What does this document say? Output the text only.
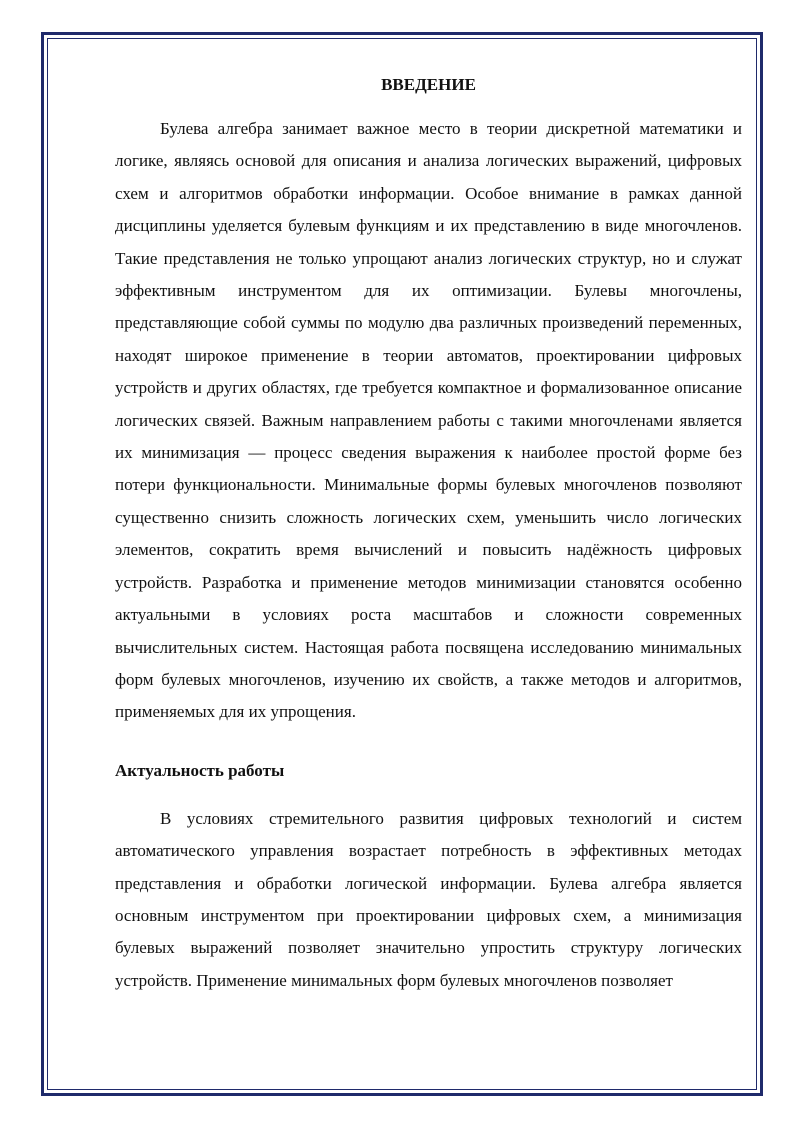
ВВЕДЕНИЕ

Булева алгебра занимает важное место в теории дискретной математики и логике, являясь основой для описания и анализа логических выражений, цифровых схем и алгоритмов обработки информации. Особое внимание в рамках данной дисциплины уделяется булевым функциям и их представлению в виде многочленов. Такие представления не только упрощают анализ логических структур, но и служат эффективным инструментом для их оптимизации. Булевы многочлены, представляющие собой суммы по модулю два различных произведений переменных, находят широкое применение в теории автоматов, проектировании цифровых устройств и других областях, где требуется компактное и формализованное описание логических связей. Важным направлением работы с такими многочленами является их минимизация — процесс сведения выражения к наиболее простой форме без потери функциональности. Минимальные формы булевых многочленов позволяют существенно снизить сложность логических схем, уменьшить число логических элементов, сократить время вычислений и повысить надёжность цифровых устройств. Разработка и применение методов минимизации становятся особенно актуальными в условиях роста масштабов и сложности современных вычислительных систем. Настоящая работа посвящена исследованию минимальных форм булевых многочленов, изучению их свойств, а также методов и алгоритмов, применяемых для их упрощения.

Актуальность работы

В условиях стремительного развития цифровых технологий и систем автоматического управления возрастает потребность в эффективных методах представления и обработки логической информации. Булева алгебра является основным инструментом при проектировании цифровых схем, а минимизация булевых выражений позволяет значительно упростить структуру логических устройств. Применение минимальных форм булевых многочленов позволяет
